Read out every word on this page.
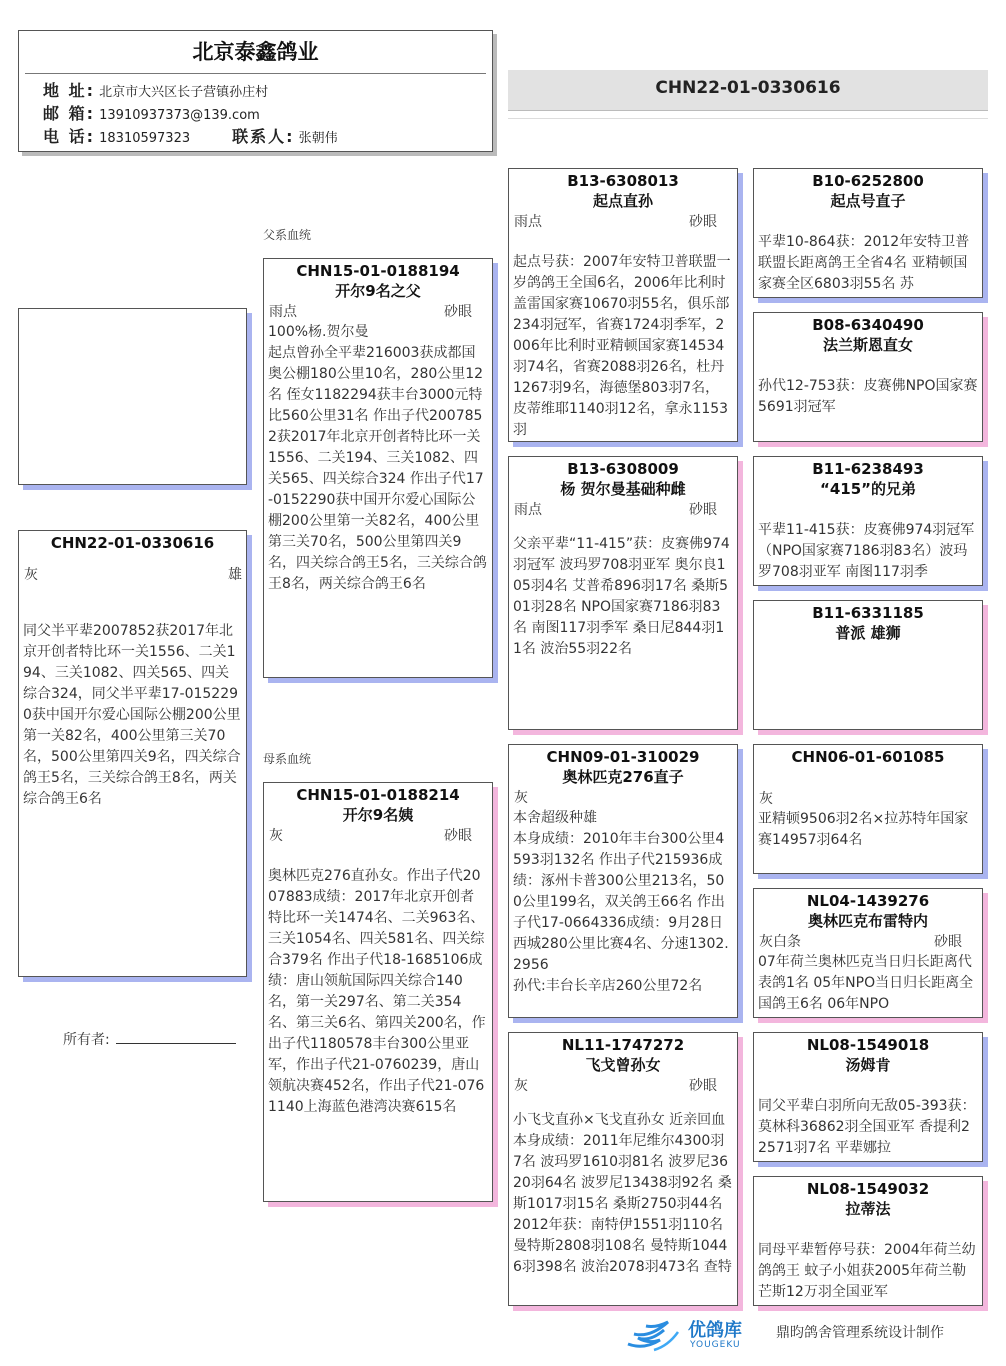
北京泰鑫鸽业
地 址: 北京市大兴区长子营镇孙庄村
邮 箱: 13910937373@139.com
电 话: 18310597323	联系人: 张朝伟
CHN22-01-0330616
CHN22-01-0330616
灰	雄
同父半平辈2007852获2017年北京开创者特比环一关1556、二关194、三关1082、四关565、四关综合324，同父半平辈17-0152290获中国开尔爱心国际公棚200公里第一关82名，400公里第三关70名，500公里第四关9名，四关综合鸽王5名，三关综合鸽王8名，两关综合鸽王6名
所有者:
父系血统
母系血统
CHN15-01-0188194
开尔9名之父
雨点	砂眼
100%杨.贺尔曼
起点曾孙全平辈216003获成都国奥公棚180公里10名，280公里12名 侄女1182294获丰台3000元特比560公里31名 作出子代2007852获2017年北京开创者特比环一关1556、二关194、三关1082、四关565、四关综合324 作出子代17-0152290获中国开尔爱心国际公棚200公里第一关82名，400公里第三关70名，500公里第四关9名，四关综合鸽王5名，三关综合鸽王8名，两关综合鸽王6名
CHN15-01-0188214
开尔9名姨
灰	砂眼
奥林匹克276直孙女。作出子代2007883成绩：2017年北京开创者特比环一关1474名、二关963名、三关1054名、四关581名、四关综合379名 作出子代18-1685106成绩：唐山领航国际四关综合140名，第一关297名、第二关354名、第三关6名、第四关200名，作出子代1180578丰台300公里亚军，作出子代21-0760239，唐山领航决赛452名，作出子代21-0761140上海蓝色港湾决赛615名
B13-6308013
起点直孙
雨点	砂眼
起点号获：2007年安特卫普联盟一岁鸽鸽王全国6名，2006年比利时盖雷国家赛10670羽55名，俱乐部234羽冠军，省赛1724羽季军，2006年比利时亚精顿国家赛14534羽74名，省赛2088羽26名，杜丹1267羽9名，海德堡803羽7名，皮蒂维耶1140羽12名，拿永1153羽
B13-6308009
杨 贺尔曼基础种雌
雨点	砂眼
父亲平辈“11-415”获：皮赛佛974羽冠军 波玛罗708羽亚军 奥尔良105羽4名 艾普希896羽17名 桑斯501羽28名 NPO国家赛7186羽83名 南图117羽季军 桑日尼844羽11名 波治55羽22名
CHN09-01-310029
奥林匹克276直子
灰
本舍超级种雄
本身成绩：2010年丰台300公里4593羽132名 作出子代215936成绩：涿州卡普300公里213名，500公里199名，双关鸽王66名 作出子代17-0664336成绩：9月28日西城280公里比赛4名、分速1302.2956
孙代:丰台长辛店260公里72名
NL11-1747272
飞戈曾孙女
灰	砂眼
小飞戈直孙×飞戈直孙女 近亲回血 本身成绩：2011年尼维尔4300羽7名 波玛罗1610羽81名 波罗尼3620羽64名 波罗尼13438羽92名 桑斯1017羽15名 桑斯2750羽44名 2012年获：南特伊1551羽110名 曼特斯2808羽108名 曼特斯10446羽398名 波治2078羽473名 查特
B10-6252800
起点号直子
平辈10-864获：2012年安特卫普联盟长距离鸽王全省4名 亚精顿国家赛全区6803羽55名 苏
B08-6340490
法兰斯恩直女
孙代12-753获：皮赛佛NPO国家赛5691羽冠军
B11-6238493
“415”的兄弟
平辈11-415获：皮赛佛974羽冠军（NPO国家赛7186羽83名）波玛罗708羽亚军 南图117羽季
B11-6331185
普派 雄狮
CHN06-01-601085
灰
亚精顿9506羽2名×拉苏特年国家赛14957羽64名
NL04-1439276
奥林匹克布雷特内
灰白条	砂眼
07年荷兰奥林匹克当日归长距离代表鸽1名 05年NPO当日归长距离全国鸽王6名 06年NPO
NL08-1549018
汤姆肯
同父平辈白羽所向无敌05-393获：莫林科36862羽全国亚军 香提利22571羽7名 平辈娜拉
NL08-1549032
拉蒂法
同母平辈暂停号获：2004年荷兰幼鸽鸽王 蚊子小姐获2005年荷兰勒芒斯12万羽全国亚军
优鸽库
YOUGEKU
鼎昀鸽舍管理系统设计制作
